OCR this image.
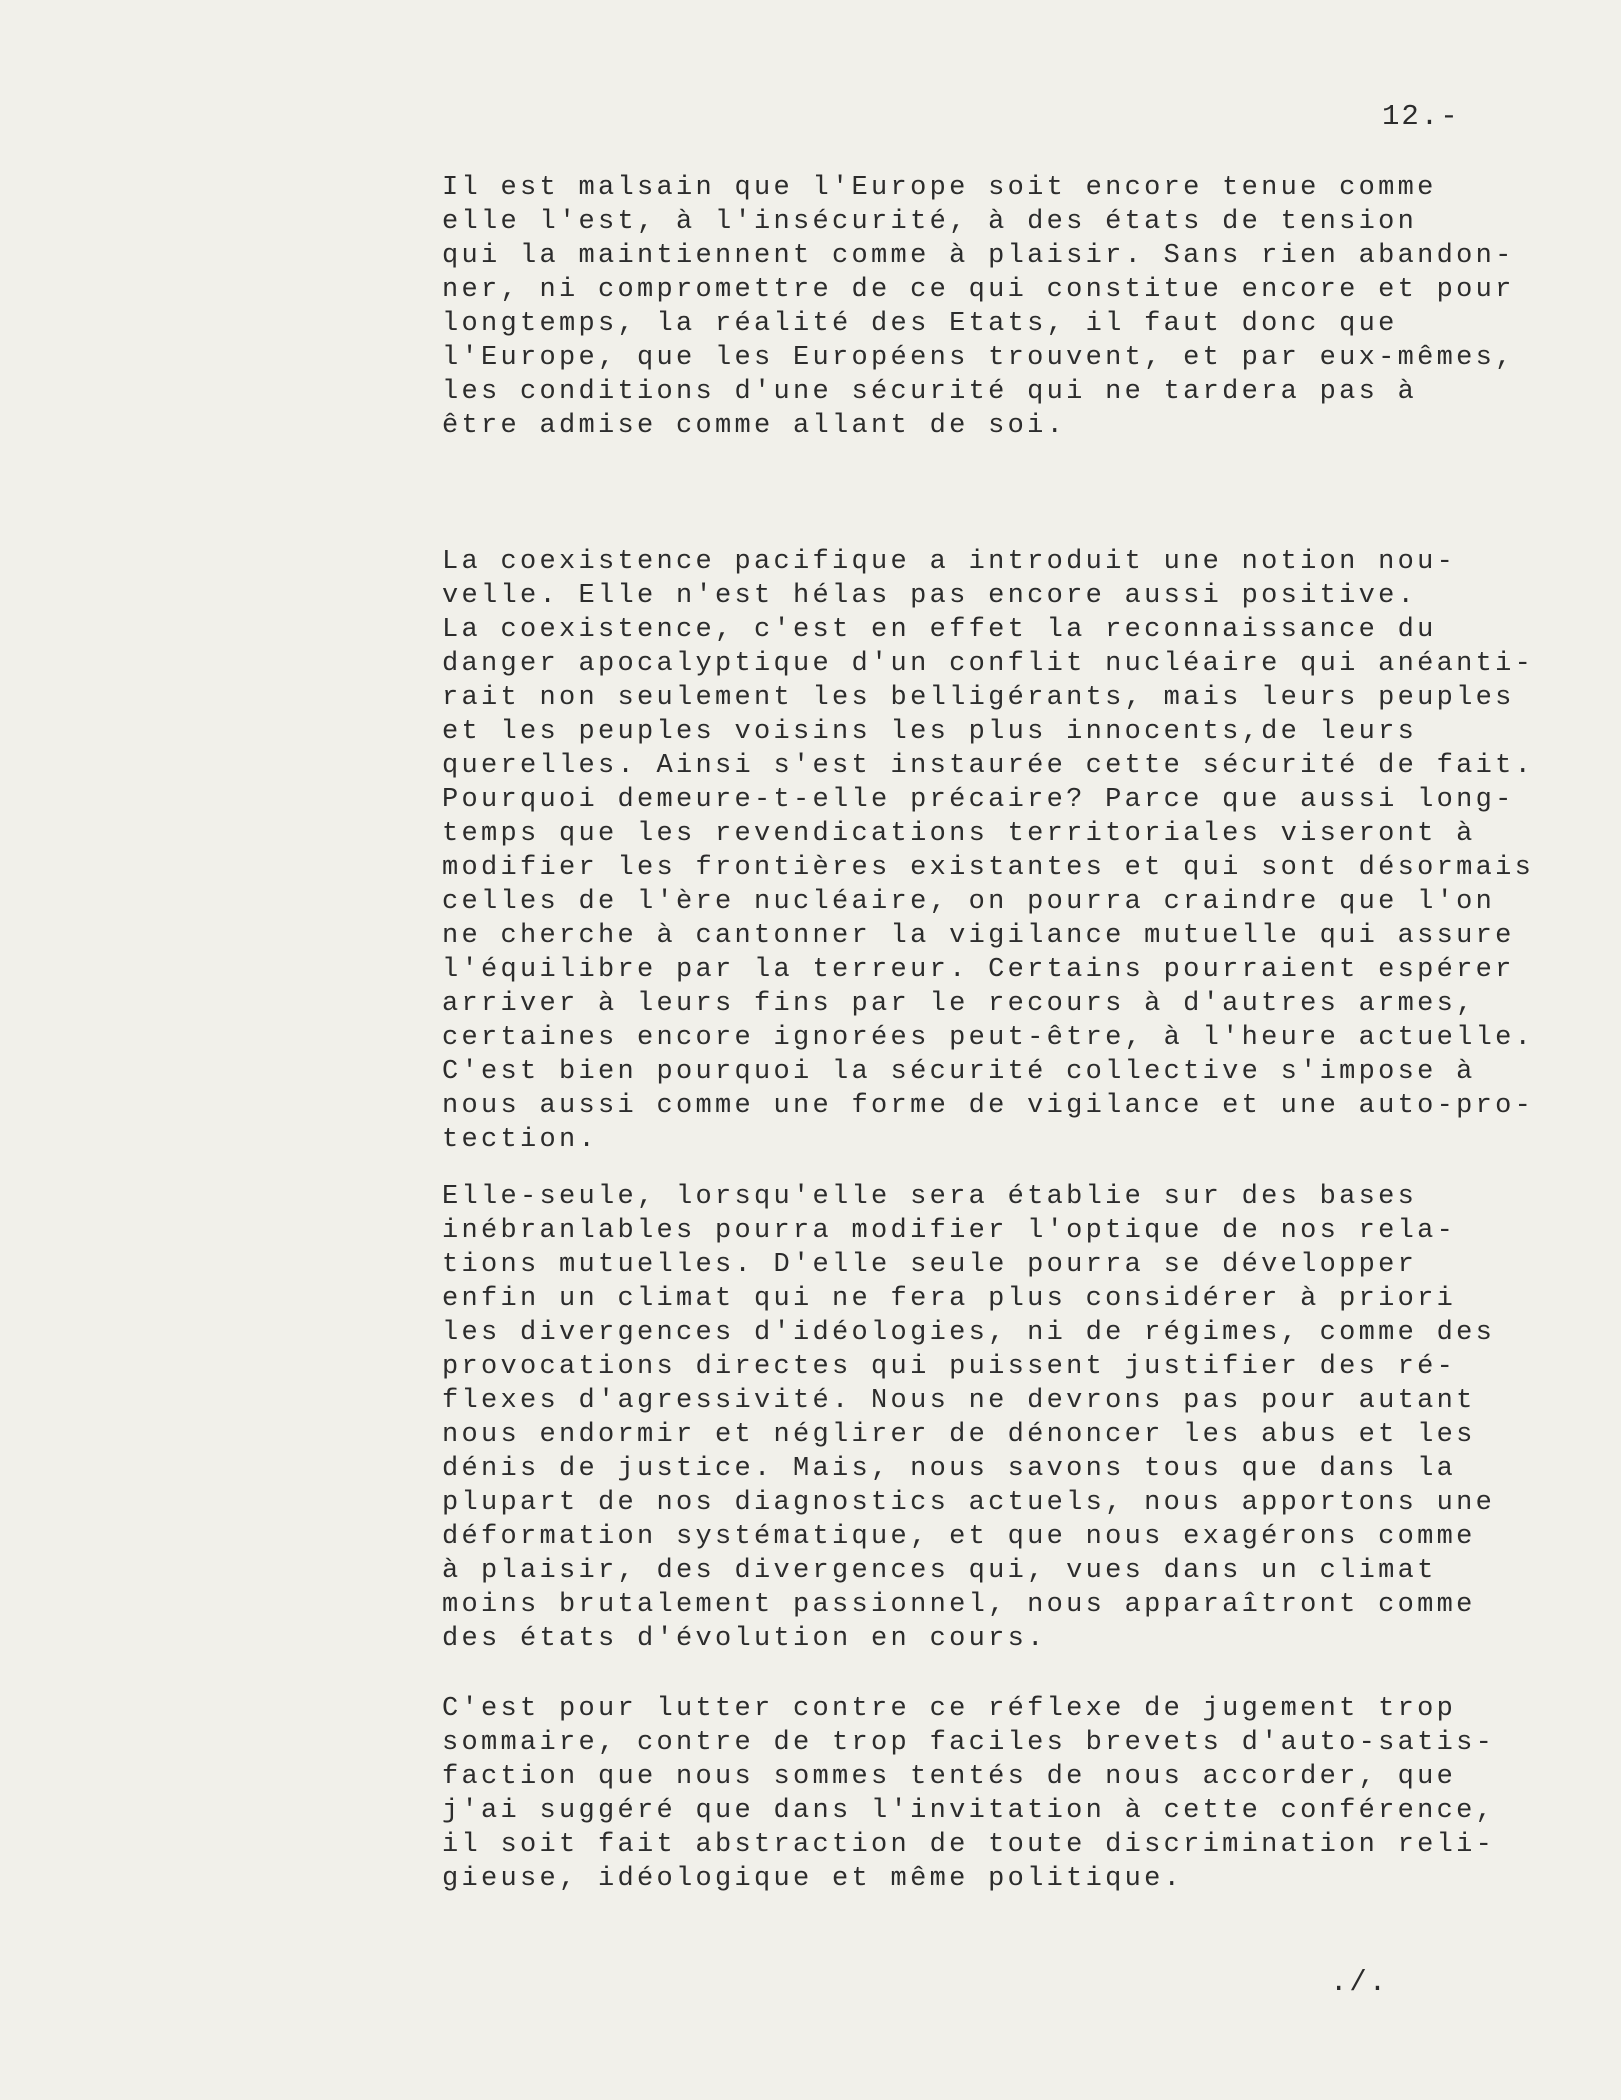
12.-
Il est malsain que l'Europe soit encore tenue comme
elle l'est, à l'insécurité, à des états de tension
qui la maintiennent comme à plaisir. Sans rien abandon-
ner, ni compromettre de ce qui constitue encore et pour
longtemps, la réalité des Etats, il faut donc que
l'Europe, que les Européens trouvent, et par eux-mêmes,
les conditions d'une sécurité qui ne tardera pas à
être admise comme allant de soi.
La coexistence pacifique a introduit une notion nou-
velle. Elle n'est hélas pas encore aussi positive.
La coexistence, c'est en effet la reconnaissance du
danger apocalyptique d'un conflit nucléaire qui anéanti-
rait non seulement les belligérants, mais leurs peuples
et les peuples voisins les plus innocents,de leurs
querelles. Ainsi s'est instaurée cette sécurité de fait.
Pourquoi demeure-t-elle précaire? Parce que aussi long-
temps que les revendications territoriales viseront à
modifier les frontières existantes et qui sont désormais
celles de l'ère nucléaire, on pourra craindre que l'on
ne cherche à cantonner la vigilance mutuelle qui assure
l'équilibre par la terreur. Certains pourraient espérer
arriver à leurs fins par le recours à d'autres armes,
certaines encore ignorées peut-être, à l'heure actuelle.
C'est bien pourquoi la sécurité collective s'impose à
nous aussi comme une forme de vigilance et une auto-pro-
tection.
Elle-seule, lorsqu'elle sera établie sur des bases
inébranlables pourra modifier l'optique de nos rela-
tions mutuelles. D'elle seule pourra se développer
enfin un climat qui ne fera plus considérer à priori
les divergences d'idéologies, ni de régimes, comme des
provocations directes qui puissent justifier des ré-
flexes d'agressivité. Nous ne devrons pas pour autant
nous endormir et néglirer de dénoncer les abus et les
dénis de justice. Mais, nous savons tous que dans la
plupart de nos diagnostics actuels, nous apportons une
déformation systématique, et que nous exagérons comme
à plaisir, des divergences qui, vues dans un climat
moins brutalement passionnel, nous apparaîtront comme
des états d'évolution en cours.
C'est pour lutter contre ce réflexe de jugement trop
sommaire, contre de trop faciles brevets d'auto-satis-
faction que nous sommes tentés de nous accorder, que
j'ai suggéré que dans l'invitation à cette conférence,
il soit fait abstraction de toute discrimination reli-
gieuse, idéologique et même politique.
./.
